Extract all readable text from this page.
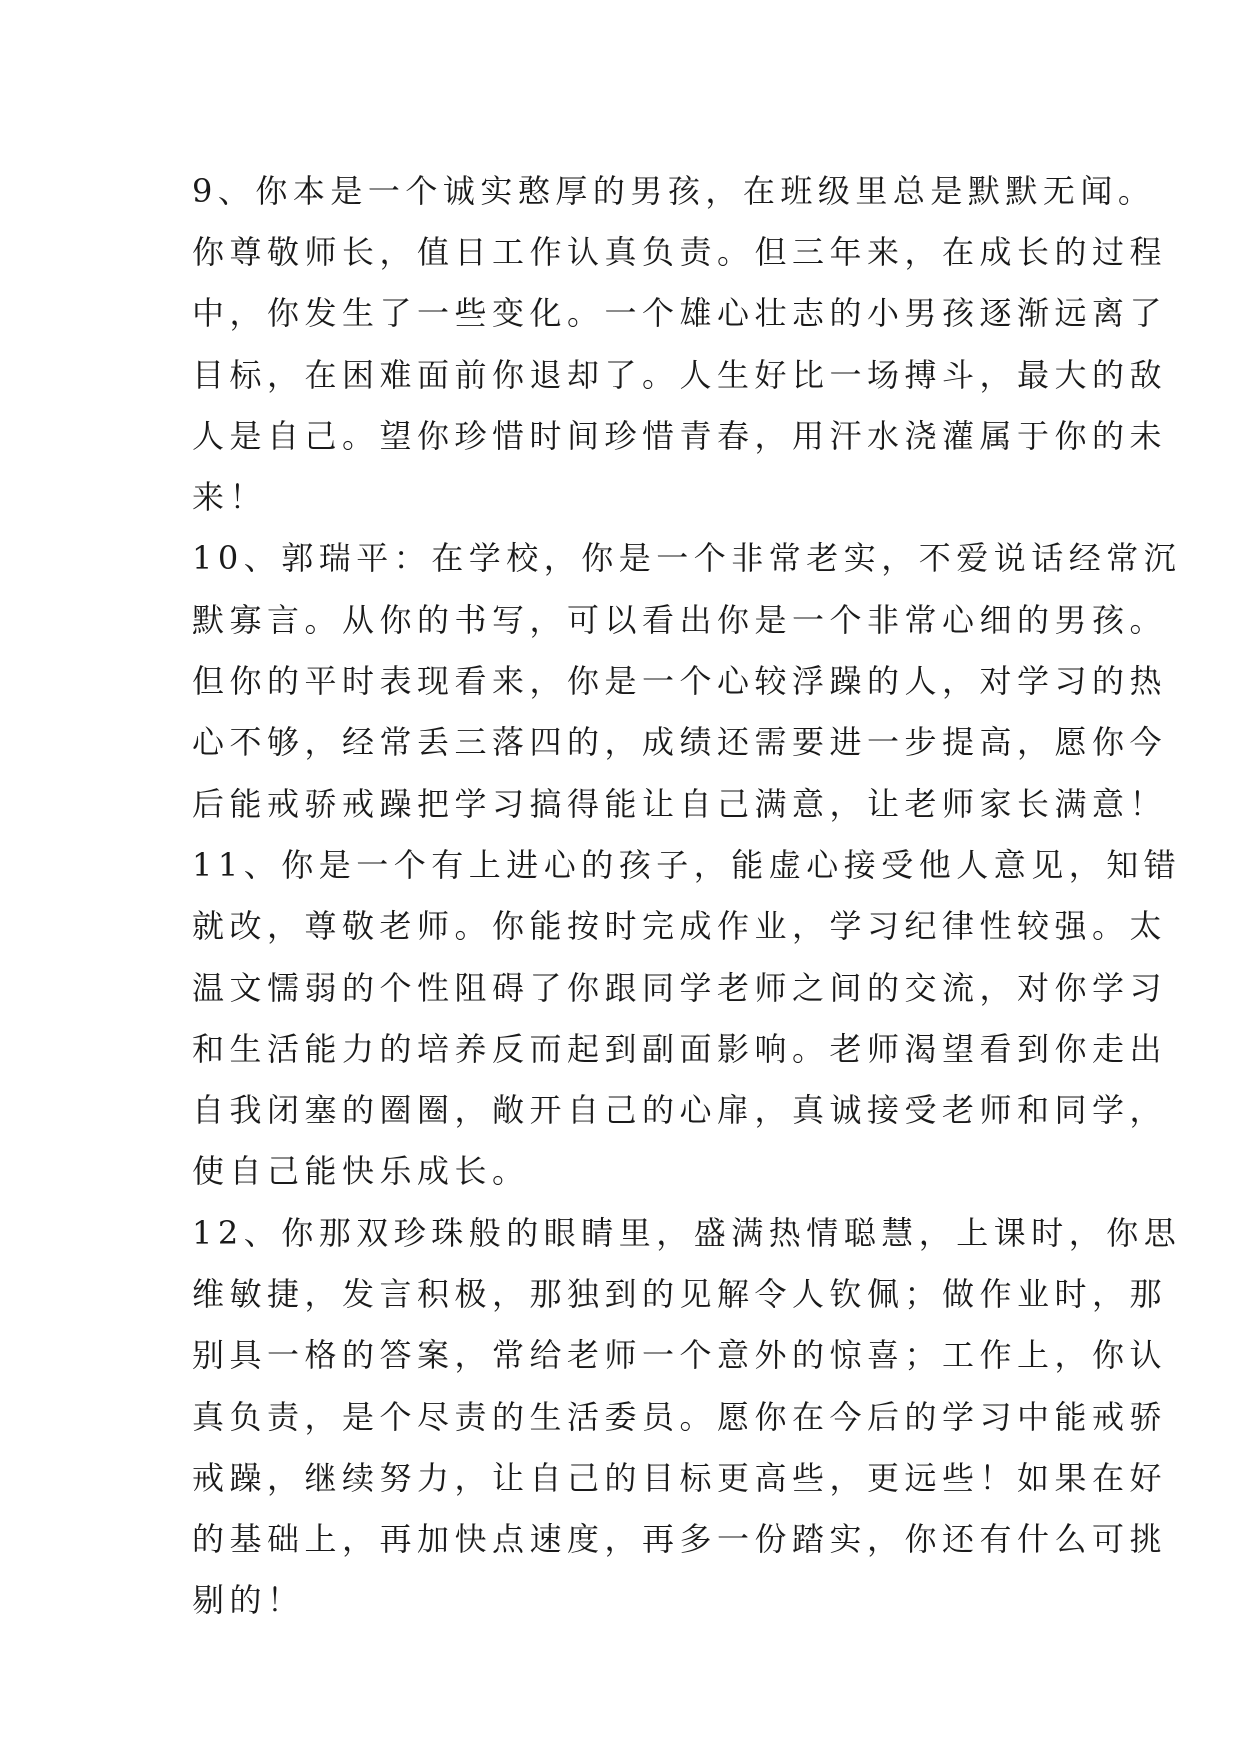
9、你本是一个诚实憨厚的男孩，在班级里总是默默无闻。
你尊敬师长，值日工作认真负责。但三年来，在成长的过程
中，你发生了一些变化。一个雄心壮志的小男孩逐渐远离了
目标，在困难面前你退却了。人生好比一场搏斗，最大的敌
人是自己。望你珍惜时间珍惜青春，用汗水浇灌属于你的未
来！
10、郭瑞平：在学校，你是一个非常老实，不爱说话经常沉
默寡言。从你的书写，可以看出你是一个非常心细的男孩。
但你的平时表现看来，你是一个心较浮躁的人，对学习的热
心不够，经常丢三落四的，成绩还需要进一步提高，愿你今
后能戒骄戒躁把学习搞得能让自己满意，让老师家长满意！
11、你是一个有上进心的孩子，能虚心接受他人意见，知错
就改，尊敬老师。你能按时完成作业，学习纪律性较强。太
温文懦弱的个性阻碍了你跟同学老师之间的交流，对你学习
和生活能力的培养反而起到副面影响。老师渴望看到你走出
自我闭塞的圈圈，敞开自己的心扉，真诚接受老师和同学，
使自己能快乐成长。
12、你那双珍珠般的眼睛里，盛满热情聪慧，上课时，你思
维敏捷，发言积极，那独到的见解令人钦佩；做作业时，那
别具一格的答案，常给老师一个意外的惊喜；工作上，你认
真负责，是个尽责的生活委员。愿你在今后的学习中能戒骄
戒躁，继续努力，让自己的目标更高些，更远些！如果在好
的基础上，再加快点速度，再多一份踏实，你还有什么可挑
剔的！
